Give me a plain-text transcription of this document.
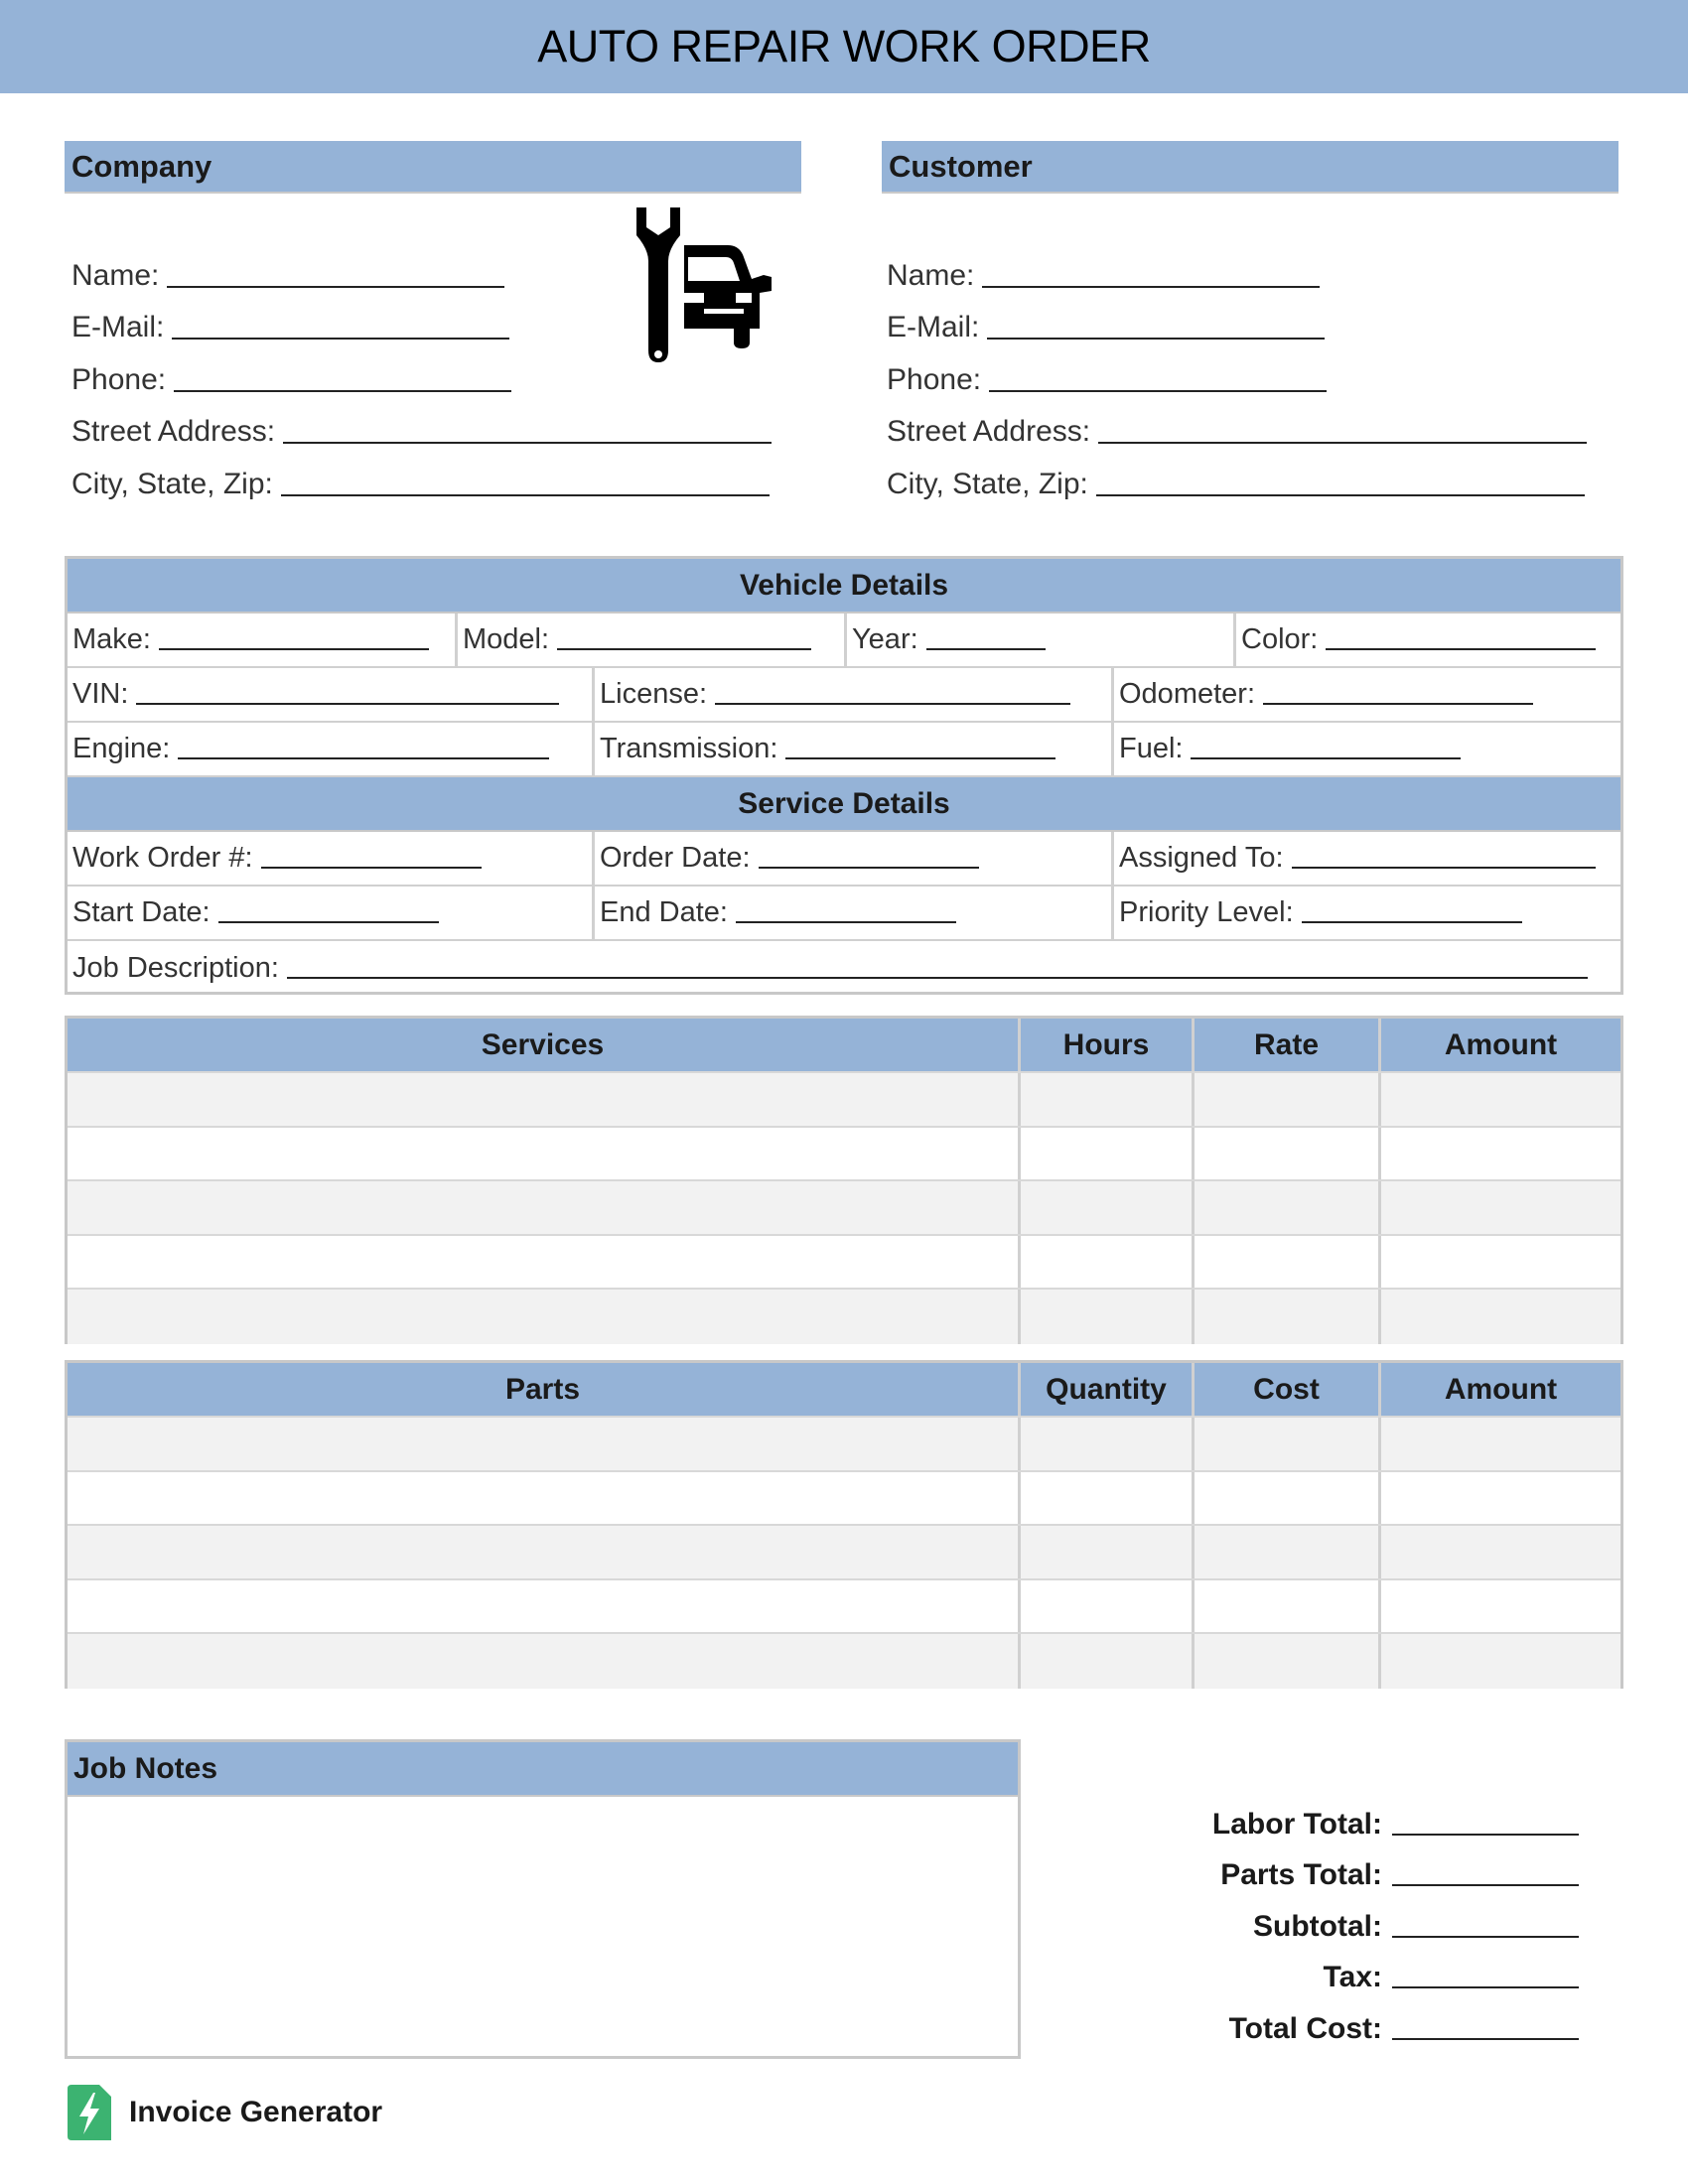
AUTO REPAIR WORK ORDER
Company
Name:
E-Mail:
Phone:
Street Address:
City, State, Zip:
Customer
Name:
E-Mail:
Phone:
Street Address:
City, State, Zip:
Vehicle Details
Make:	Model:	Year:	Color:
VIN:	License:	Odometer:
Engine:	Transmission:	Fuel:
Service Details
Work Order #:	Order Date:	Assigned To:
Start Date:	End Date:	Priority Level:
Job Description:
Services	Hours	Rate	Amount
Parts	Quantity	Cost	Amount
Job Notes
Labor Total:
Parts Total:
Subtotal:
Tax:
Total Cost:
Invoice Generator
